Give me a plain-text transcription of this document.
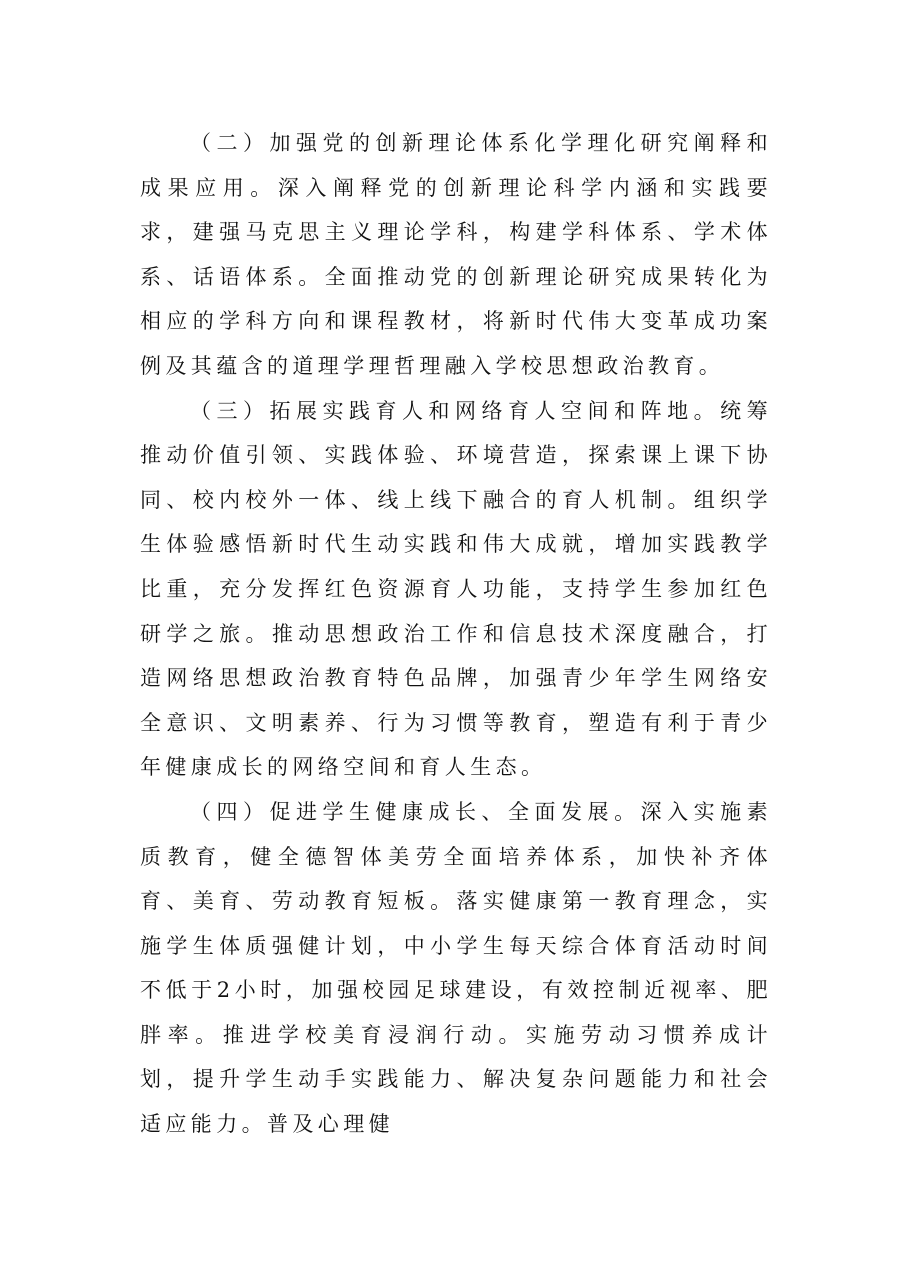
（二）加强党的创新理论体系化学理化研究阐释和成果应用。深入阐释党的创新理论科学内涵和实践要求，建强马克思主义理论学科，构建学科体系、学术体系、话语体系。全面推动党的创新理论研究成果转化为相应的学科方向和课程教材，将新时代伟大变革成功案例及其蕴含的道理学理哲理融入学校思想政治教育。

（三）拓展实践育人和网络育人空间和阵地。统筹推动价值引领、实践体验、环境营造，探索课上课下协同、校内校外一体、线上线下融合的育人机制。组织学生体验感悟新时代生动实践和伟大成就，增加实践教学比重，充分发挥红色资源育人功能，支持学生参加红色研学之旅。推动思想政治工作和信息技术深度融合，打造网络思想政治教育特色品牌，加强青少年学生网络安全意识、文明素养、行为习惯等教育，塑造有利于青少年健康成长的网络空间和育人生态。

（四）促进学生健康成长、全面发展。深入实施素质教育，健全德智体美劳全面培养体系，加快补齐体育、美育、劳动教育短板。落实健康第一教育理念，实施学生体质强健计划，中小学生每天综合体育活动时间不低于2小时，加强校园足球建设，有效控制近视率、肥胖率。推进学校美育浸润行动。实施劳动习惯养成计划，提升学生动手实践能力、解决复杂问题能力和社会适应能力。普及心理健
